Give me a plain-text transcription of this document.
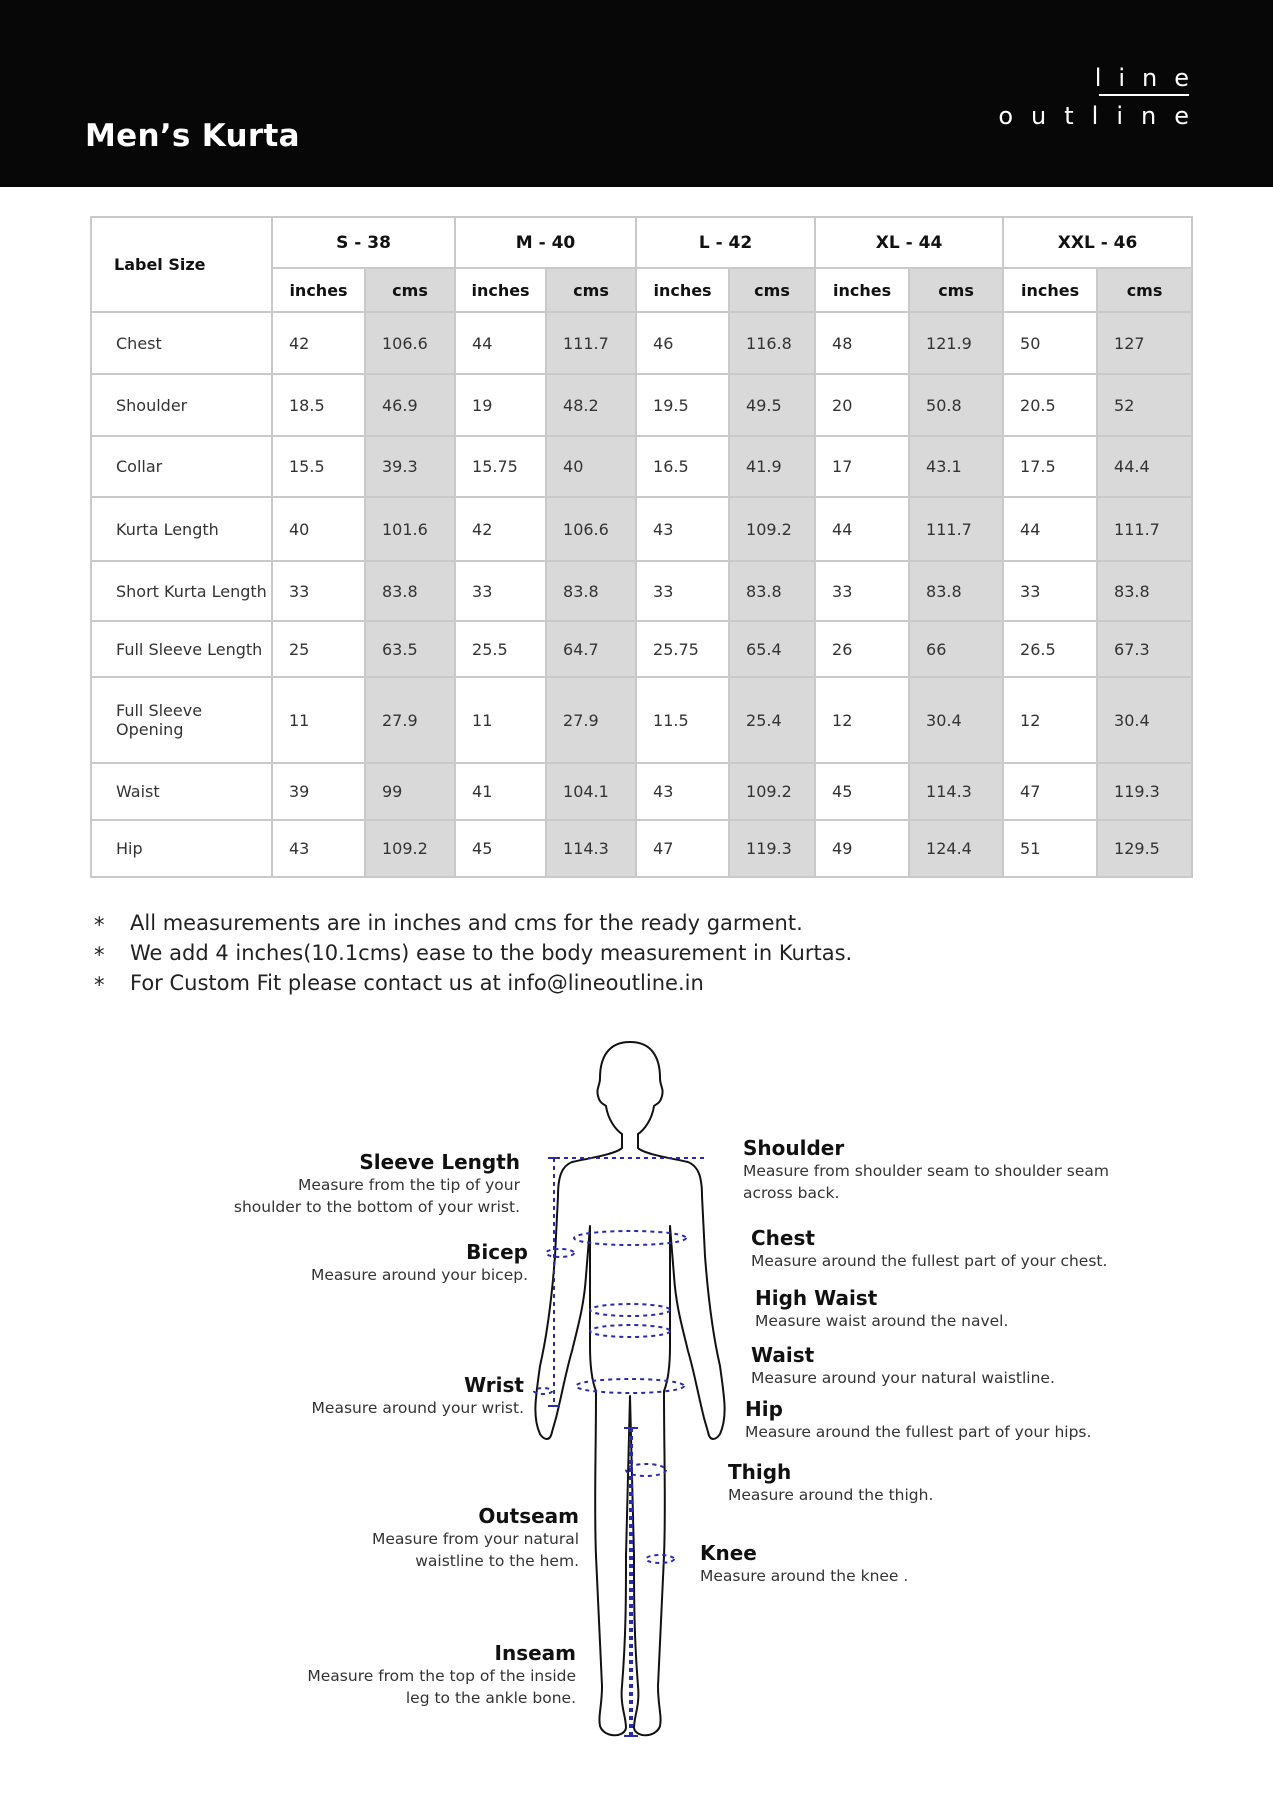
Men’s Kurta
line
outline
Label Size	S - 38		M - 40		L - 42		XL - 44		XXL - 46	
	inches	cms	inches	cms	inches	cms	inches	cms	inches	cms
Chest	42	106.6	44	111.7	46	116.8	48	121.9	50	127
Shoulder	18.5	46.9	19	48.2	19.5	49.5	20	50.8	20.5	52
Collar	15.5	39.3	15.75	40	16.5	41.9	17	43.1	17.5	44.4
Kurta Length	40	101.6	42	106.6	43	109.2	44	111.7	44	111.7
Short Kurta Length	33	83.8	33	83.8	33	83.8	33	83.8	33	83.8
Full Sleeve Length	25	63.5	25.5	64.7	25.75	65.4	26	66	26.5	67.3
Full Sleeve Opening	11	27.9	11	27.9	11.5	25.4	12	30.4	12	30.4
Waist	39	99	41	104.1	43	109.2	45	114.3	47	119.3
Hip	43	109.2	45	114.3	47	119.3	49	124.4	51	129.5
* All measurements are in inches and cms for the ready garment.
* We add 4 inches(10.1cms) ease to the body measurement in Kurtas.
* For Custom Fit please contact us at info@lineoutline.in
Sleeve Length
Measure from the tip of your
shoulder to the bottom of your wrist.
Bicep
Measure around your bicep.
Wrist
Measure around your wrist.
Outseam
Measure from your natural
waistline to the hem.
Inseam
Measure from the top of the inside
leg to the ankle bone.
Shoulder
Measure from shoulder seam to shoulder seam
across back.
Chest
Measure around the fullest part of your chest.
High Waist
Measure waist around the navel.
Waist
Measure around your natural waistline.
Hip
Measure around the fullest part of your hips.
Thigh
Measure around the thigh.
Knee
Measure around the knee .
